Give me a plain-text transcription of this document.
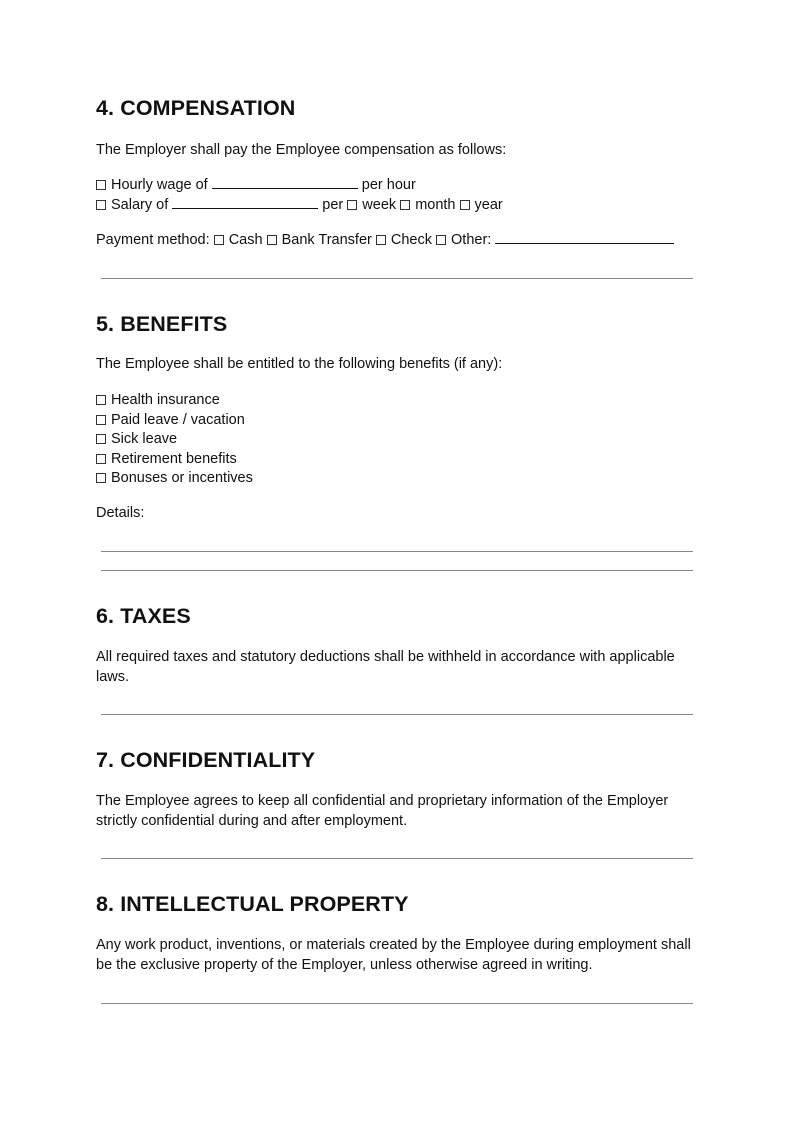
4. COMPENSATION

The Employer shall pay the Employee compensation as follows:

Hourly wage of	per hour
Salary of	per week month year
Payment method: Cash Bank Transfer Check Other:
5. BENEFITS

The Employee shall be entitled to the following benefits (if any):

Health insurance
Paid leave / vacation
Sick leave
Retirement benefits
Bonuses or incentives

Details:

6. TAXES

All required taxes and statutory deductions shall be withheld in accordance with applicable laws.

7. CONFIDENTIALITY

The Employee agrees to keep all confidential and proprietary information of the Employer strictly confidential during and after employment.

8. INTELLECTUAL PROPERTY

Any work product, inventions, or materials created by the Employee during employment shall be the exclusive property of the Employer, unless otherwise agreed in writing.
